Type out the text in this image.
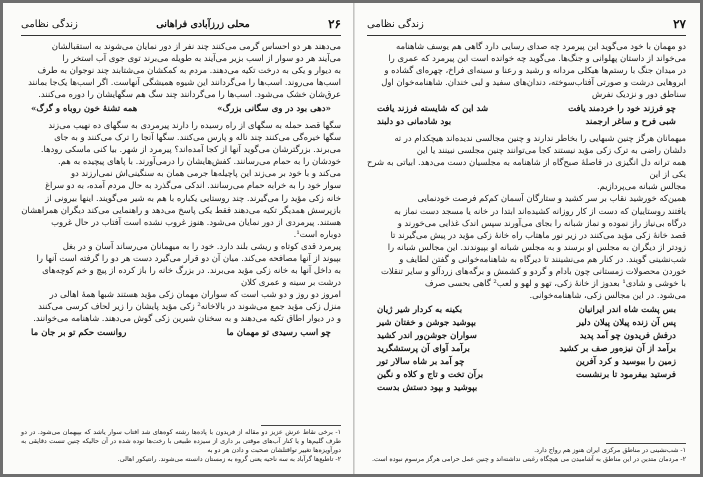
۲۷
زندگی نظامی

دو مهمان با خود می‌گوید این پیرمرد چه صدای رسایی دارد گاهی هم یوسف شاهنامه

می‌خواند از داستان پهلوانی و جنگ‌ها. می‌گوید چه خوانده است این پیرمرد که عمری را

در میدان جنگ با رستم‌ها هیکلی مردانه و رشید و رعنا و سینه‌ای فراخ، چهره‌ای گشاده و

ابروهایی درشت و صورتی آفتاب‌سوخته، دندان‌های سفید و لبی خندان. شاهنامه‌خوان اول

سناطق دور و نزدیک نفرش

چو فرزند خود را خردمند یافت
شد این که شایسته فرزند یافت
شبی فرح و ساغر ارجمند
بود شادمانی دو دلبند

میهمانان هرگز چنین شبهایی را بخاطر ندارند و چنین مجالسی ندیده‌اند هیچکدام در ته

دلشان راضی به ترک زکی مؤید نیستند کجا می‌توانند چنین مجلسی نبینند یا این

همه ترانه دل انگیزی در فاصلهٔ صبح‌گاه از شاهنامه به مجلسیان دست می‌دهد. ابیاتی به شرح یکی از این

مجالس شبانه می‌پردازیم.

همین‌که خورشید نقاب بر سر کشید و ستارگان آسمان کم‌کم فرصت خودنمایی

یافتند روستاییان که دست از کار روزانه کشیده‌اند ابتدا در خانه یا مسجد دست نماز به

درگاه بی‌نیاز راز نموده و نماز شبانه را بجای می‌آورند سپس اندک غذایی می‌خورند و

قصد خانهٔ زکی مؤید می‌کنند در زیر نور ماهتاب راه خانهٔ زکی مؤید در پیش می‌گیرند تا

زودتر از دیگران به مجلس او برسند و به مجلس شبانه او بپیوندند. این مجالس شبانه را

شب‌نشینی گویند. در کنار هم می‌نشینند تا دیرگاه به شاهنامه‌خوانی و گفتن لطایف و

خوردن محصولات زمستانی چون بادام و گردو و کشمش و برگه‌های زردآلو و سایر تنقلات

با خوشی و شادی¹ بعدوز از خانهٔ زکی، تهو و لهو و لعب² گاهی بحسی صرف

می‌شود. در این مجالس زکی، شاهنامه‌خوانی.

بس پشت شاه اندر ایرانیان
بکینه به کردار شیر ژیان
پس آن زنده پیلان پیلان دلیر
بپوشید جوشن و خفتان شیر
درفش فریدون چو آمد پدید
سواران جوشن‌ور اندر کشید
برآمد از آن نیزه‌ور صف بر کشید
برآمد آوای آن پرستشگرید
زمین را ببوسید و کرد آفرین
چو آمد بر شاه سالار تور
فرستید بیفرمود تا برنشست
برآن تخت و تاج و کلاه و نگین
بپوشید و بپود دستش بدست

۱- شب‌نشینی در مناطق مرکزی ایران هنوز هم رواج دارد.

۲- مردمان متدین در این مناطق به آشامیدن می هیچگاه رغبتی نداشته‌اند و چنین عمل حرامی هرگز مرسوم نبوده است.

۲۶
محلی زرزآبادی فراهانی
زندگی نظامی

می‌دهند هر دو احساس گرمی می‌کنند چند نفر از دور نمایان می‌شوند به استقبالشان

می‌آیند هر دو سوار از اسب بزیر می‌آیند به طویله می‌برند توی جوی آب استخر را

به دیوار و یکی به درخت تکیه می‌دهند. مردم به کمکشان می‌شتابند چند نوجوان به طرف

اسب‌ها می‌روند. اسب‌ها را می‌گردانند این شیوه همیشگی آنهاست. اگر اسب‌ها یک‌جا بمانند

عرق‌شان خشک می‌شود. اسب‌ها را می‌گردانند چند سگ هم سگهایشان را دوره می‌کنند.

«دهی بود در وی سگانی بزرگ»
همه تشنهٔ خون روباه و گرگ»

سگها قصد حمله به سگهای از راه رسیده را دارند پیرمردی به سگهای ده نهیب می‌زند

سگها خیره‌گی می‌کنند چند ناله و پارس می‌کنند. سگها آنجا را ترک می‌کنند و به جای

می‌برند. بزرگترشان می‌گوید آنها از کجا آمده‌اند؟ پیرمرد از شهر. بیا کنی ماسکی رودها.

خودشان را به حمام می‌رسانند. کفش‌هایشان را درمی‌آورند. با پاهای پیچیده به هم.

می‌کند و با خود بر می‌زند این پاچیله‌ها جرمی همان به سنگینی‌اش نمی‌ارزند دو

سوار خود را به خرابه حمام می‌رسانند. اندکی می‌گذرد به حال مردم آمده، به دو سراغ

خانه زکی مؤید را می‌گیرند. چند روستایی یکباره با هم به شیر می‌گویند. اینها بیرونی از

بازپرسش همدیگر تکیه می‌دهند فقط یکی پاسخ می‌دهد و راهنمایی می‌کند دیگران همراهشان

هستند. پیرمردی از دور نمایان می‌شود. هنوز غروب نشده است آفتاب در حال غروب

دوباره است¹.

پیرمرد قدی کوتاه و ریشی بلند دارد. خود را به میهمانان می‌رساند آسان و در بغل

بپیوند از آنها مصافحه می‌کند. میان آن دو قرار می‌گیرد دست هر دو را گرفته است آنها را

به داخل آنها به خانه زکی مؤید می‌برند. در بزرگ خانه را باز کرده از پیچ و خم کوچه‌های

درشت بر سینه و عمری کلان

امروز دو روز و دو شب است که سواران مهمان زکی مؤید هستند شبها همهٔ اهالی در

منزل زکی مؤید جمع می‌شوند در بالاخانه² زکی مؤید پایشان را زیر لحاف کرسی می‌کنند

و در دیوار اطاق تکیه می‌دهند و به سخنان شیرین زکی گوش می‌دهند. شاهنامه می‌خوانند.

چو اسب رسیدی تو مهمان ما
روانست حکم تو بر جان ما

۱- برخی نقاط عرش عزیز دو مقاله از فریدون با پاده‌ها رشته کوه‌های شد افتاب سوار یاشد که بپیهمان می‌شود. در دو طرف گلیم‌ها و یا کنار آب‌های موقتی بر داری از سیزده طبیعی با رخت‌ها توده شده در آن حالیکه چنین تنست دقایقی به دورآویزه‌ها تغییر تواقتلشان صحبت و دادن هر دو به

۲- تاطبع‌ها گرآباد به سه ناحیه یعنی گروه به زمستان دانسته می‌شوند. رانتیکور اهالی.
